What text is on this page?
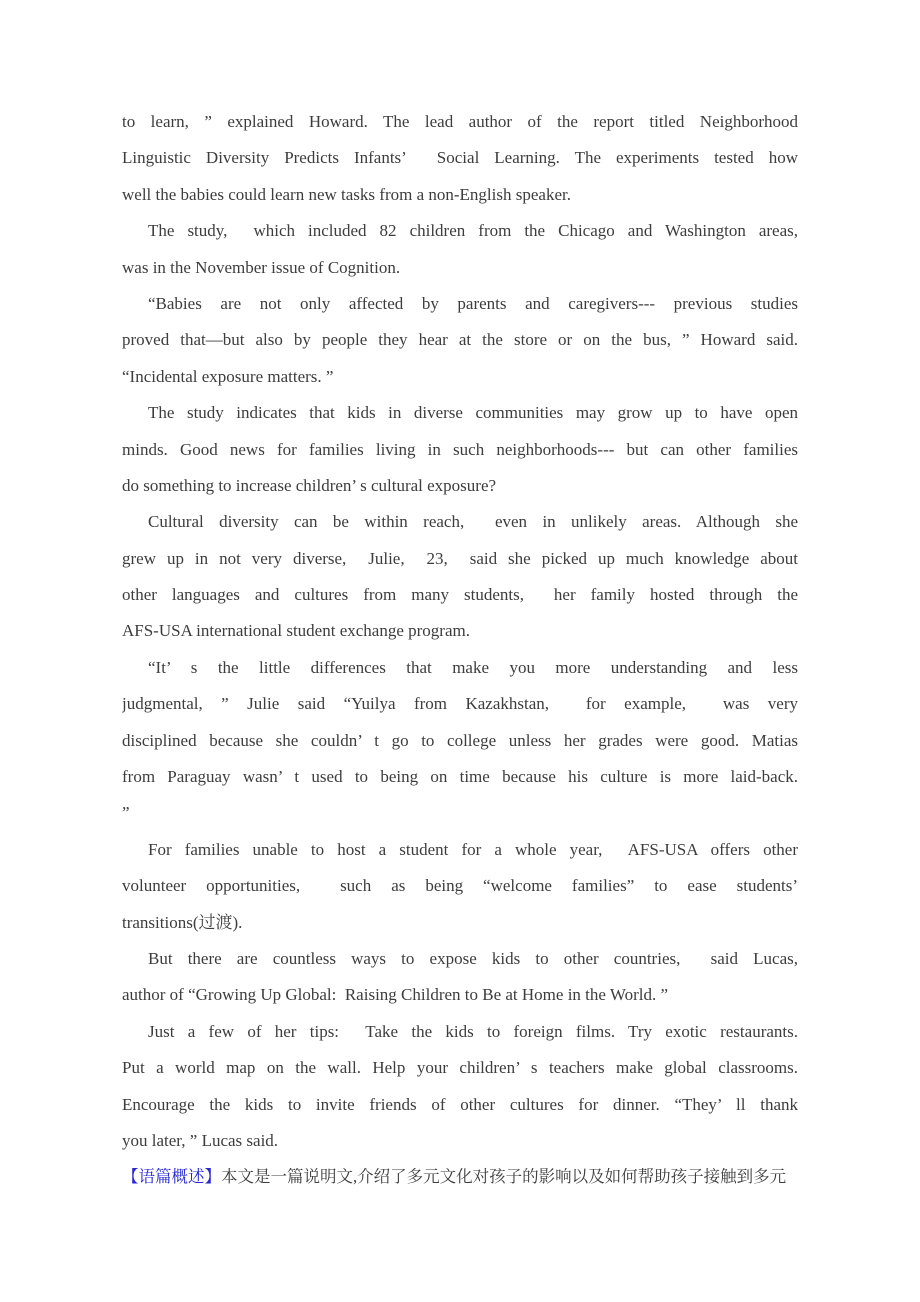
to learn, ” explained Howard. The lead author of the report titled Neighborhood
Linguistic Diversity Predicts Infants’  Social Learning. The experiments tested how
well the babies could learn new tasks from a non-English speaker.
The study,  which included 82 children from the Chicago and Washington areas,
was in the November issue of Cognition.
“Babies are not only affected by parents and caregivers--- previous studies
proved that—but also by people they hear at the store or on the bus, ” Howard said.
“Incidental exposure matters. ”
The study indicates that kids in diverse communities may grow up to have open
minds. Good news for families living in such neighborhoods--- but can other families
do something to increase children’ s cultural exposure?
Cultural diversity can be within reach,  even in unlikely areas. Although she
grew up in not very diverse,  Julie,  23,  said she picked up much knowledge about
other languages and cultures from many students,  her family hosted through the
AFS-USA international student exchange program.
“It’ s the little differences that make you more understanding and less
judgmental, ” Julie said “Yuilya from Kazakhstan,  for example,  was very
disciplined because she couldn’ t go to college unless her grades were good. Matias
from Paraguay wasn’ t used to being on time because his culture is more laid-back.
”
For families unable to host a student for a whole year,  AFS-USA offers other
volunteer opportunities,  such as being “welcome families” to ease students’
transitions(过渡).
But there are countless ways to expose kids to other countries,  said Lucas,
author of “Growing Up Global:  Raising Children to Be at Home in the World. ”
Just a few of her tips:  Take the kids to foreign films. Try exotic restaurants.
Put a world map on the wall. Help your children’ s teachers make global classrooms.
Encourage the kids to invite friends of other cultures for dinner. “They’ ll thank
you later, ” Lucas said.
【语篇概述】本文是一篇说明文,介绍了多元文化对孩子的影响以及如何帮助孩子接触到多元
